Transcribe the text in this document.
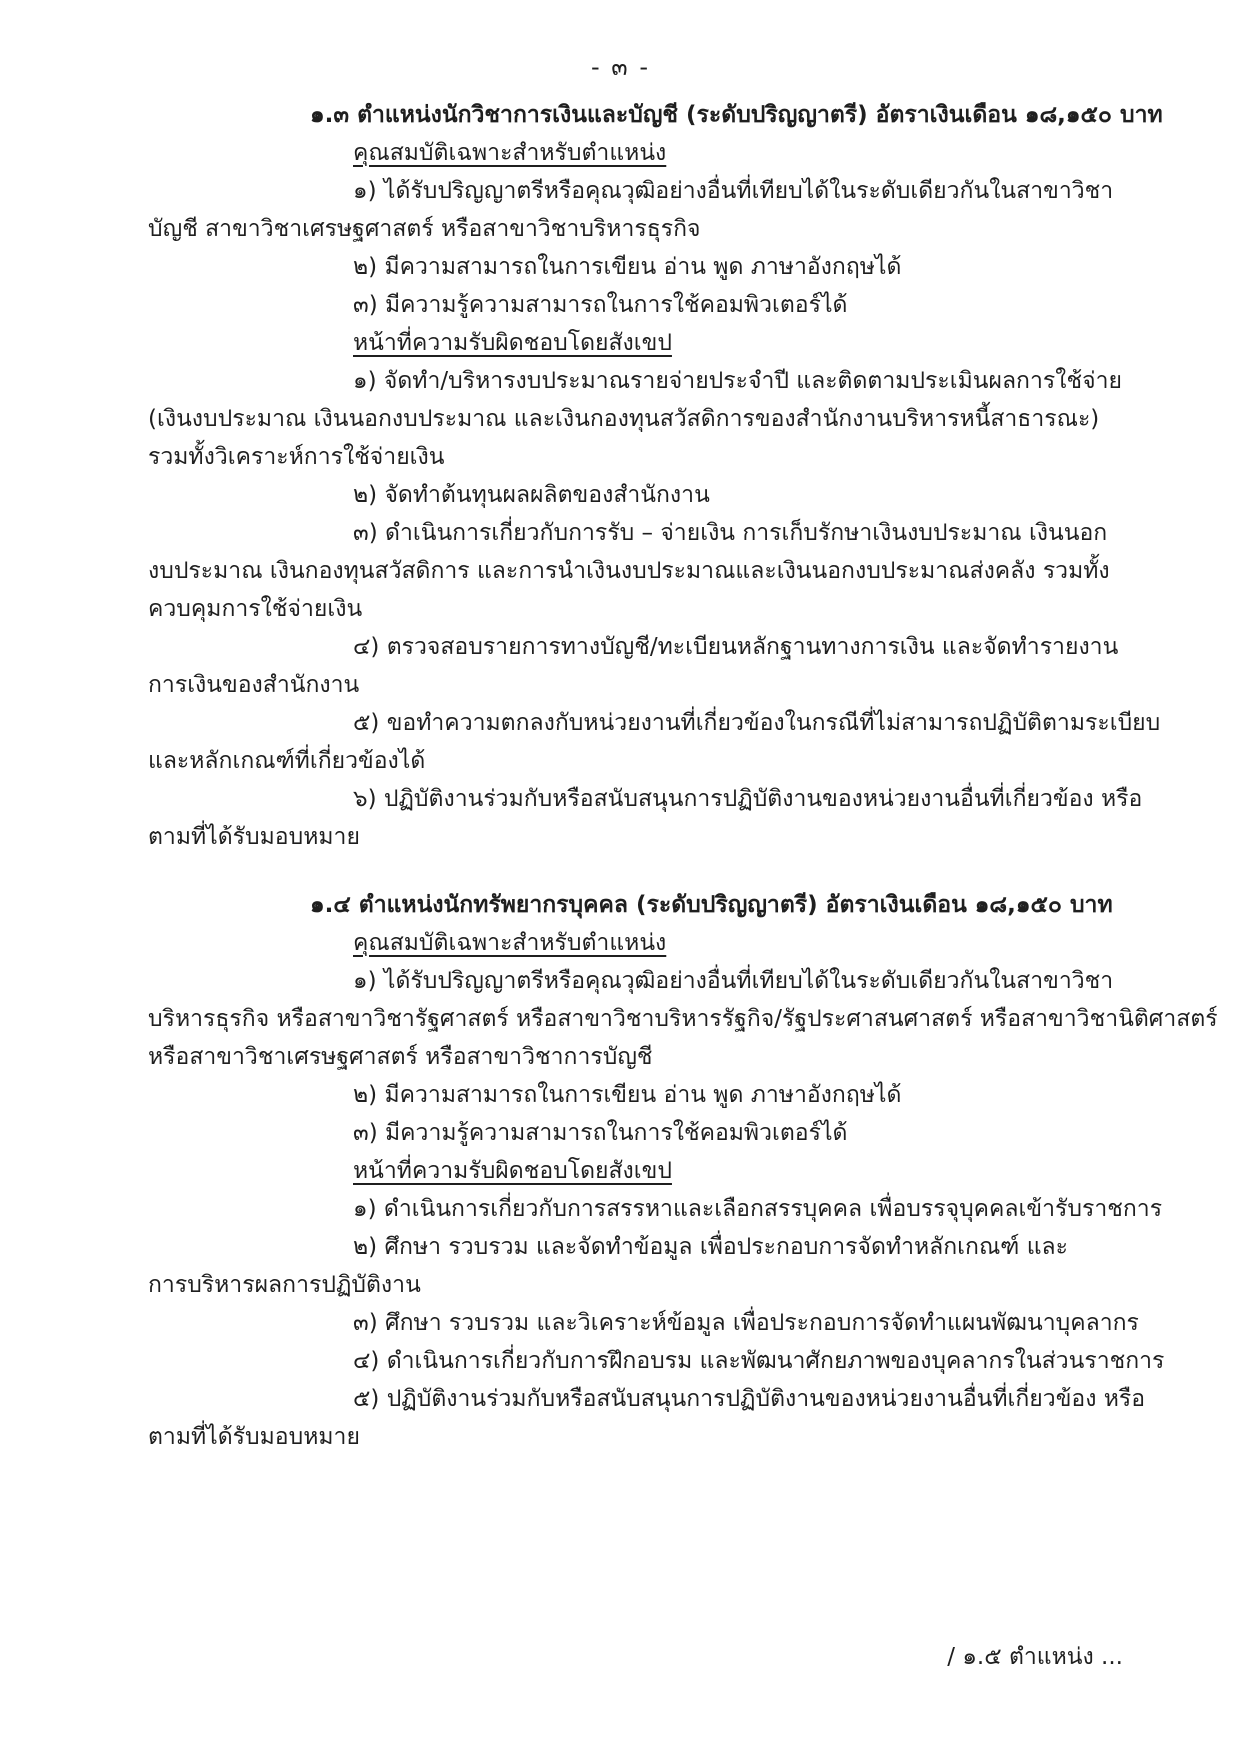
- ๓ -
๑.๓ ตำแหน่งนักวิชาการเงินและบัญชี (ระดับปริญญาตรี) อัตราเงินเดือน ๑๘,๑๕๐ บาท
คุณสมบัติเฉพาะสำหรับตำแหน่ง
๑) ได้รับปริญญาตรีหรือคุณวุฒิอย่างอื่นที่เทียบได้ในระดับเดียวกันในสาขาวิชา
บัญชี สาขาวิชาเศรษฐศาสตร์ หรือสาขาวิชาบริหารธุรกิจ
๒) มีความสามารถในการเขียน อ่าน พูด ภาษาอังกฤษได้
๓) มีความรู้ความสามารถในการใช้คอมพิวเตอร์ได้
หน้าที่ความรับผิดชอบโดยสังเขป
๑) จัดทำ/บริหารงบประมาณรายจ่ายประจำปี และติดตามประเมินผลการใช้จ่าย
(เงินงบประมาณ เงินนอกงบประมาณ และเงินกองทุนสวัสดิการของสำนักงานบริหารหนี้สาธารณะ)
รวมทั้งวิเคราะห์การใช้จ่ายเงิน
๒) จัดทำต้นทุนผลผลิตของสำนักงาน
๓) ดำเนินการเกี่ยวกับการรับ – จ่ายเงิน การเก็บรักษาเงินงบประมาณ เงินนอก
งบประมาณ เงินกองทุนสวัสดิการ และการนำเงินงบประมาณและเงินนอกงบประมาณส่งคลัง รวมทั้ง
ควบคุมการใช้จ่ายเงิน
๔) ตรวจสอบรายการทางบัญชี/ทะเบียนหลักฐานทางการเงิน และจัดทำรายงาน
การเงินของสำนักงาน
๕) ขอทำความตกลงกับหน่วยงานที่เกี่ยวข้องในกรณีที่ไม่สามารถปฏิบัติตามระเบียบ
และหลักเกณฑ์ที่เกี่ยวข้องได้
๖) ปฏิบัติงานร่วมกับหรือสนับสนุนการปฏิบัติงานของหน่วยงานอื่นที่เกี่ยวข้อง หรือ
ตามที่ได้รับมอบหมาย
๑.๔ ตำแหน่งนักทรัพยากรบุคคล (ระดับปริญญาตรี) อัตราเงินเดือน ๑๘,๑๕๐ บาท
คุณสมบัติเฉพาะสำหรับตำแหน่ง
๑) ได้รับปริญญาตรีหรือคุณวุฒิอย่างอื่นที่เทียบได้ในระดับเดียวกันในสาขาวิชา
บริหารธุรกิจ หรือสาขาวิชารัฐศาสตร์ หรือสาขาวิชาบริหารรัฐกิจ/รัฐประศาสนศาสตร์ หรือสาขาวิชานิติศาสตร์
หรือสาขาวิชาเศรษฐศาสตร์ หรือสาขาวิชาการบัญชี
๒) มีความสามารถในการเขียน อ่าน พูด ภาษาอังกฤษได้
๓) มีความรู้ความสามารถในการใช้คอมพิวเตอร์ได้
หน้าที่ความรับผิดชอบโดยสังเขป
๑) ดำเนินการเกี่ยวกับการสรรหาและเลือกสรรบุคคล เพื่อบรรจุบุคคลเข้ารับราชการ
๒) ศึกษา รวบรวม และจัดทำข้อมูล เพื่อประกอบการจัดทำหลักเกณฑ์ และ
การบริหารผลการปฏิบัติงาน
๓) ศึกษา รวบรวม และวิเคราะห์ข้อมูล เพื่อประกอบการจัดทำแผนพัฒนาบุคลากร
๔) ดำเนินการเกี่ยวกับการฝึกอบรม และพัฒนาศักยภาพของบุคลากรในส่วนราชการ
๕) ปฏิบัติงานร่วมกับหรือสนับสนุนการปฏิบัติงานของหน่วยงานอื่นที่เกี่ยวข้อง หรือ
ตามที่ได้รับมอบหมาย
/ ๑.๕ ตำแหน่ง ...
